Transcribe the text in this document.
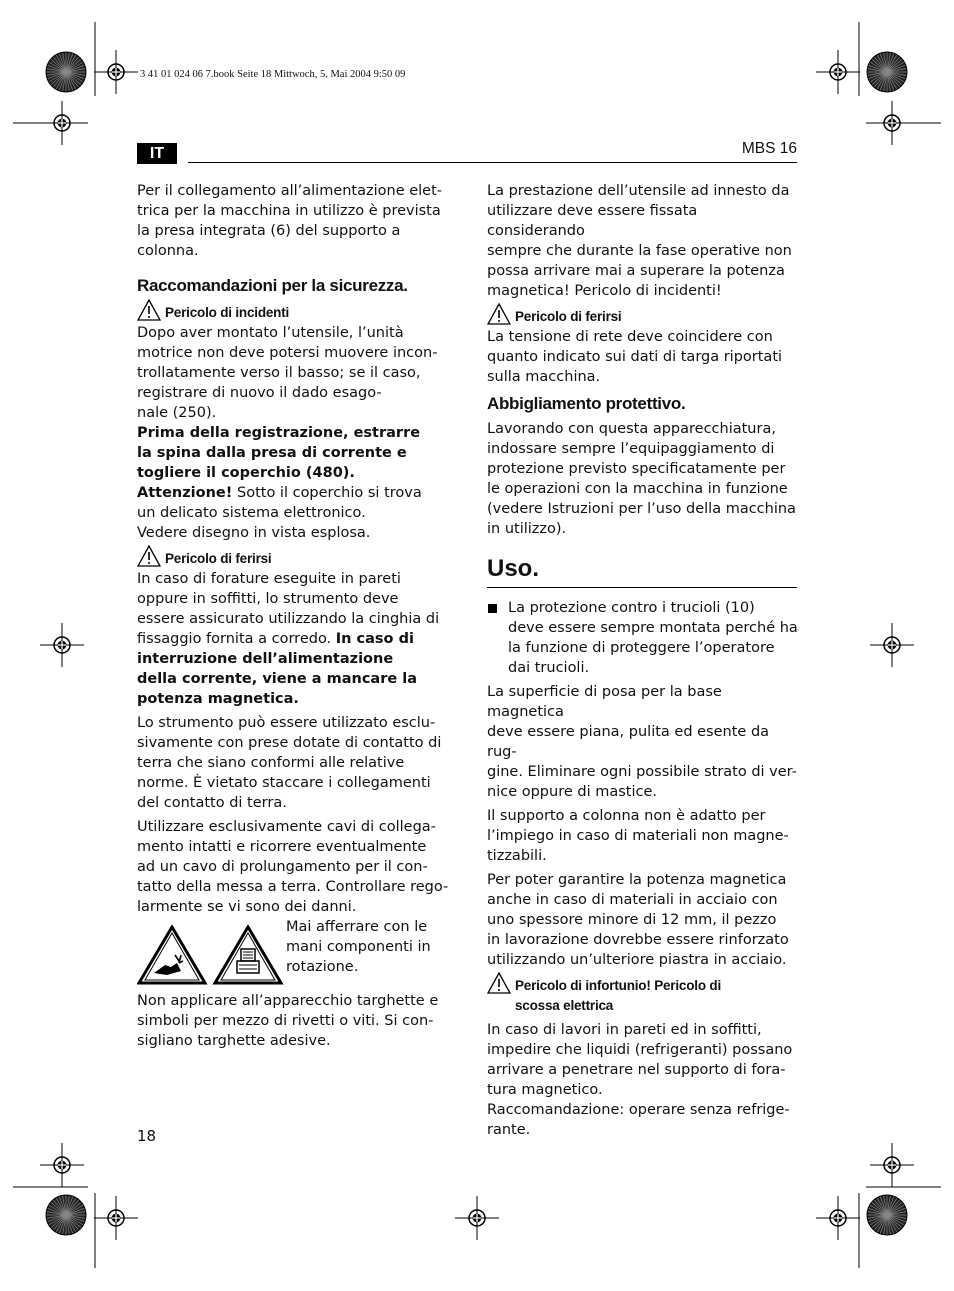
3 41 01 024 06 7.book Seite 18 Mittwoch, 5. Mai 2004 9:50 09
IT	MBS 16
Per il collegamento all’alimentazione elet-
trica per la macchina in utilizzo è prevista
la presa integrata (6) del supporto a
colonna.
Raccomandazioni per la sicurezza.
Pericolo di incidenti
Dopo aver montato l’utensile, l’unità
motrice non deve potersi muovere incon-
trollatamente verso il basso; se il caso,
registrare di nuovo il dado esago-
nale (250).
Prima della registrazione, estrarre
la spina dalla presa di corrente e
togliere il coperchio (480).

Attenzione! Sotto il coperchio si trova

un delicato sistema elettronico.
Vedere disegno in vista esplosa.
Pericolo di ferirsi
In caso di forature eseguite in pareti
oppure in soffitti, lo strumento deve
essere assicurato utilizzando la cinghia di

fissaggio fornita a corredo. In caso di

interruzione dell’alimentazione
della corrente, viene a mancare la
potenza magnetica.
Lo strumento può essere utilizzato esclu-
sivamente con prese dotate di contatto di
terra che siano conformi alle relative
norme. È vietato staccare i collegamenti
del contatto di terra.
Utilizzare esclusivamente cavi di collega-
mento intatti e ricorrere eventualmente
ad un cavo di prolungamento per il con-
tatto della messa a terra. Controllare rego-
larmente se vi sono dei danni.
Mai afferrare con le
mani componenti in
rotazione.
Non applicare all’apparecchio targhette e
simboli per mezzo di rivetti o viti. Si con-
sigliano targhette adesive.
La prestazione dell’utensile ad innesto da
utilizzare deve essere fissata considerando
sempre che durante la fase operative non
possa arrivare mai a superare la potenza
magnetica! Pericolo di incidenti!
Pericolo di ferirsi
La tensione di rete deve coincidere con
quanto indicato sui dati di targa riportati
sulla macchina.
Abbigliamento protettivo.
Lavorando con questa apparecchiatura,
indossare sempre l’equipaggiamento di
protezione previsto specificatamente per
le operazioni con la macchina in funzione
(vedere Istruzioni per l’uso della macchina
in utilizzo).
Uso.
La protezione contro i trucioli (10)
deve essere sempre montata perché ha
la funzione di proteggere l’operatore
dai trucioli.
La superficie di posa per la base magnetica
deve essere piana, pulita ed esente da rug-
gine. Eliminare ogni possibile strato di ver-
nice oppure di mastice.
Il supporto a colonna non è adatto per
l’impiego in caso di materiali non magne-
tizzabili.
Per poter garantire la potenza magnetica
anche in caso di materiali in acciaio con
uno spessore minore di 12 mm, il pezzo
in lavorazione dovrebbe essere rinforzato
utilizzando un’ulteriore piastra in acciaio.
Pericolo di infortunio! Pericolo di
scossa elettrica
In caso di lavori in pareti ed in soffitti,
impedire che liquidi (refrigeranti) possano
arrivare a penetrare nel supporto di fora-
tura magnetico.
Raccomandazione: operare senza refrige-
rante.
18
